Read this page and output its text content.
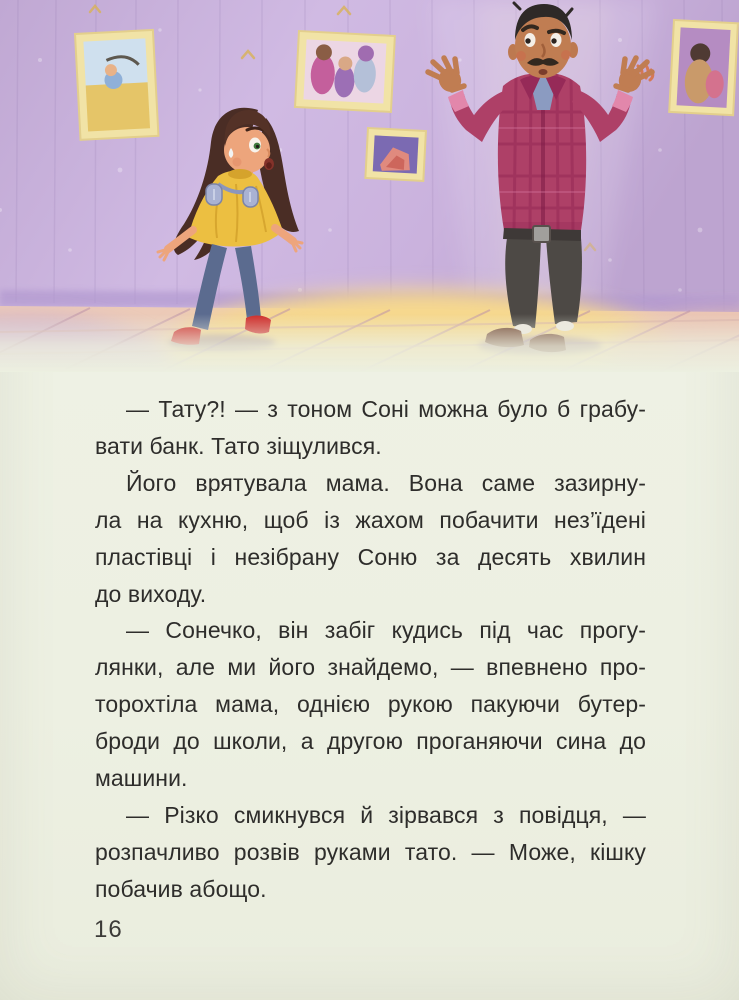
— Тату?! — з тоном Соні можна було б грабу-
вати банк. Тато зіщулився.

Його врятувала мама. Вона саме зазирну-
ла на кухню, щоб із жахом побачити нез’їдені
пластівці і незібрану Соню за десять хвилин
до виходу.

— Сонечко, він забіг кудись під час прогу-
лянки, але ми його знайдемо, — впевнено про-
торохтіла мама, однією рукою пакуючи бутер-
броди до школи, а другою проганяючи сина до
машини.

— Різко смикнувся й зірвався з повідця, —
розпачливо розвів руками тато. — Може, кішку
побачив абощо.

16
